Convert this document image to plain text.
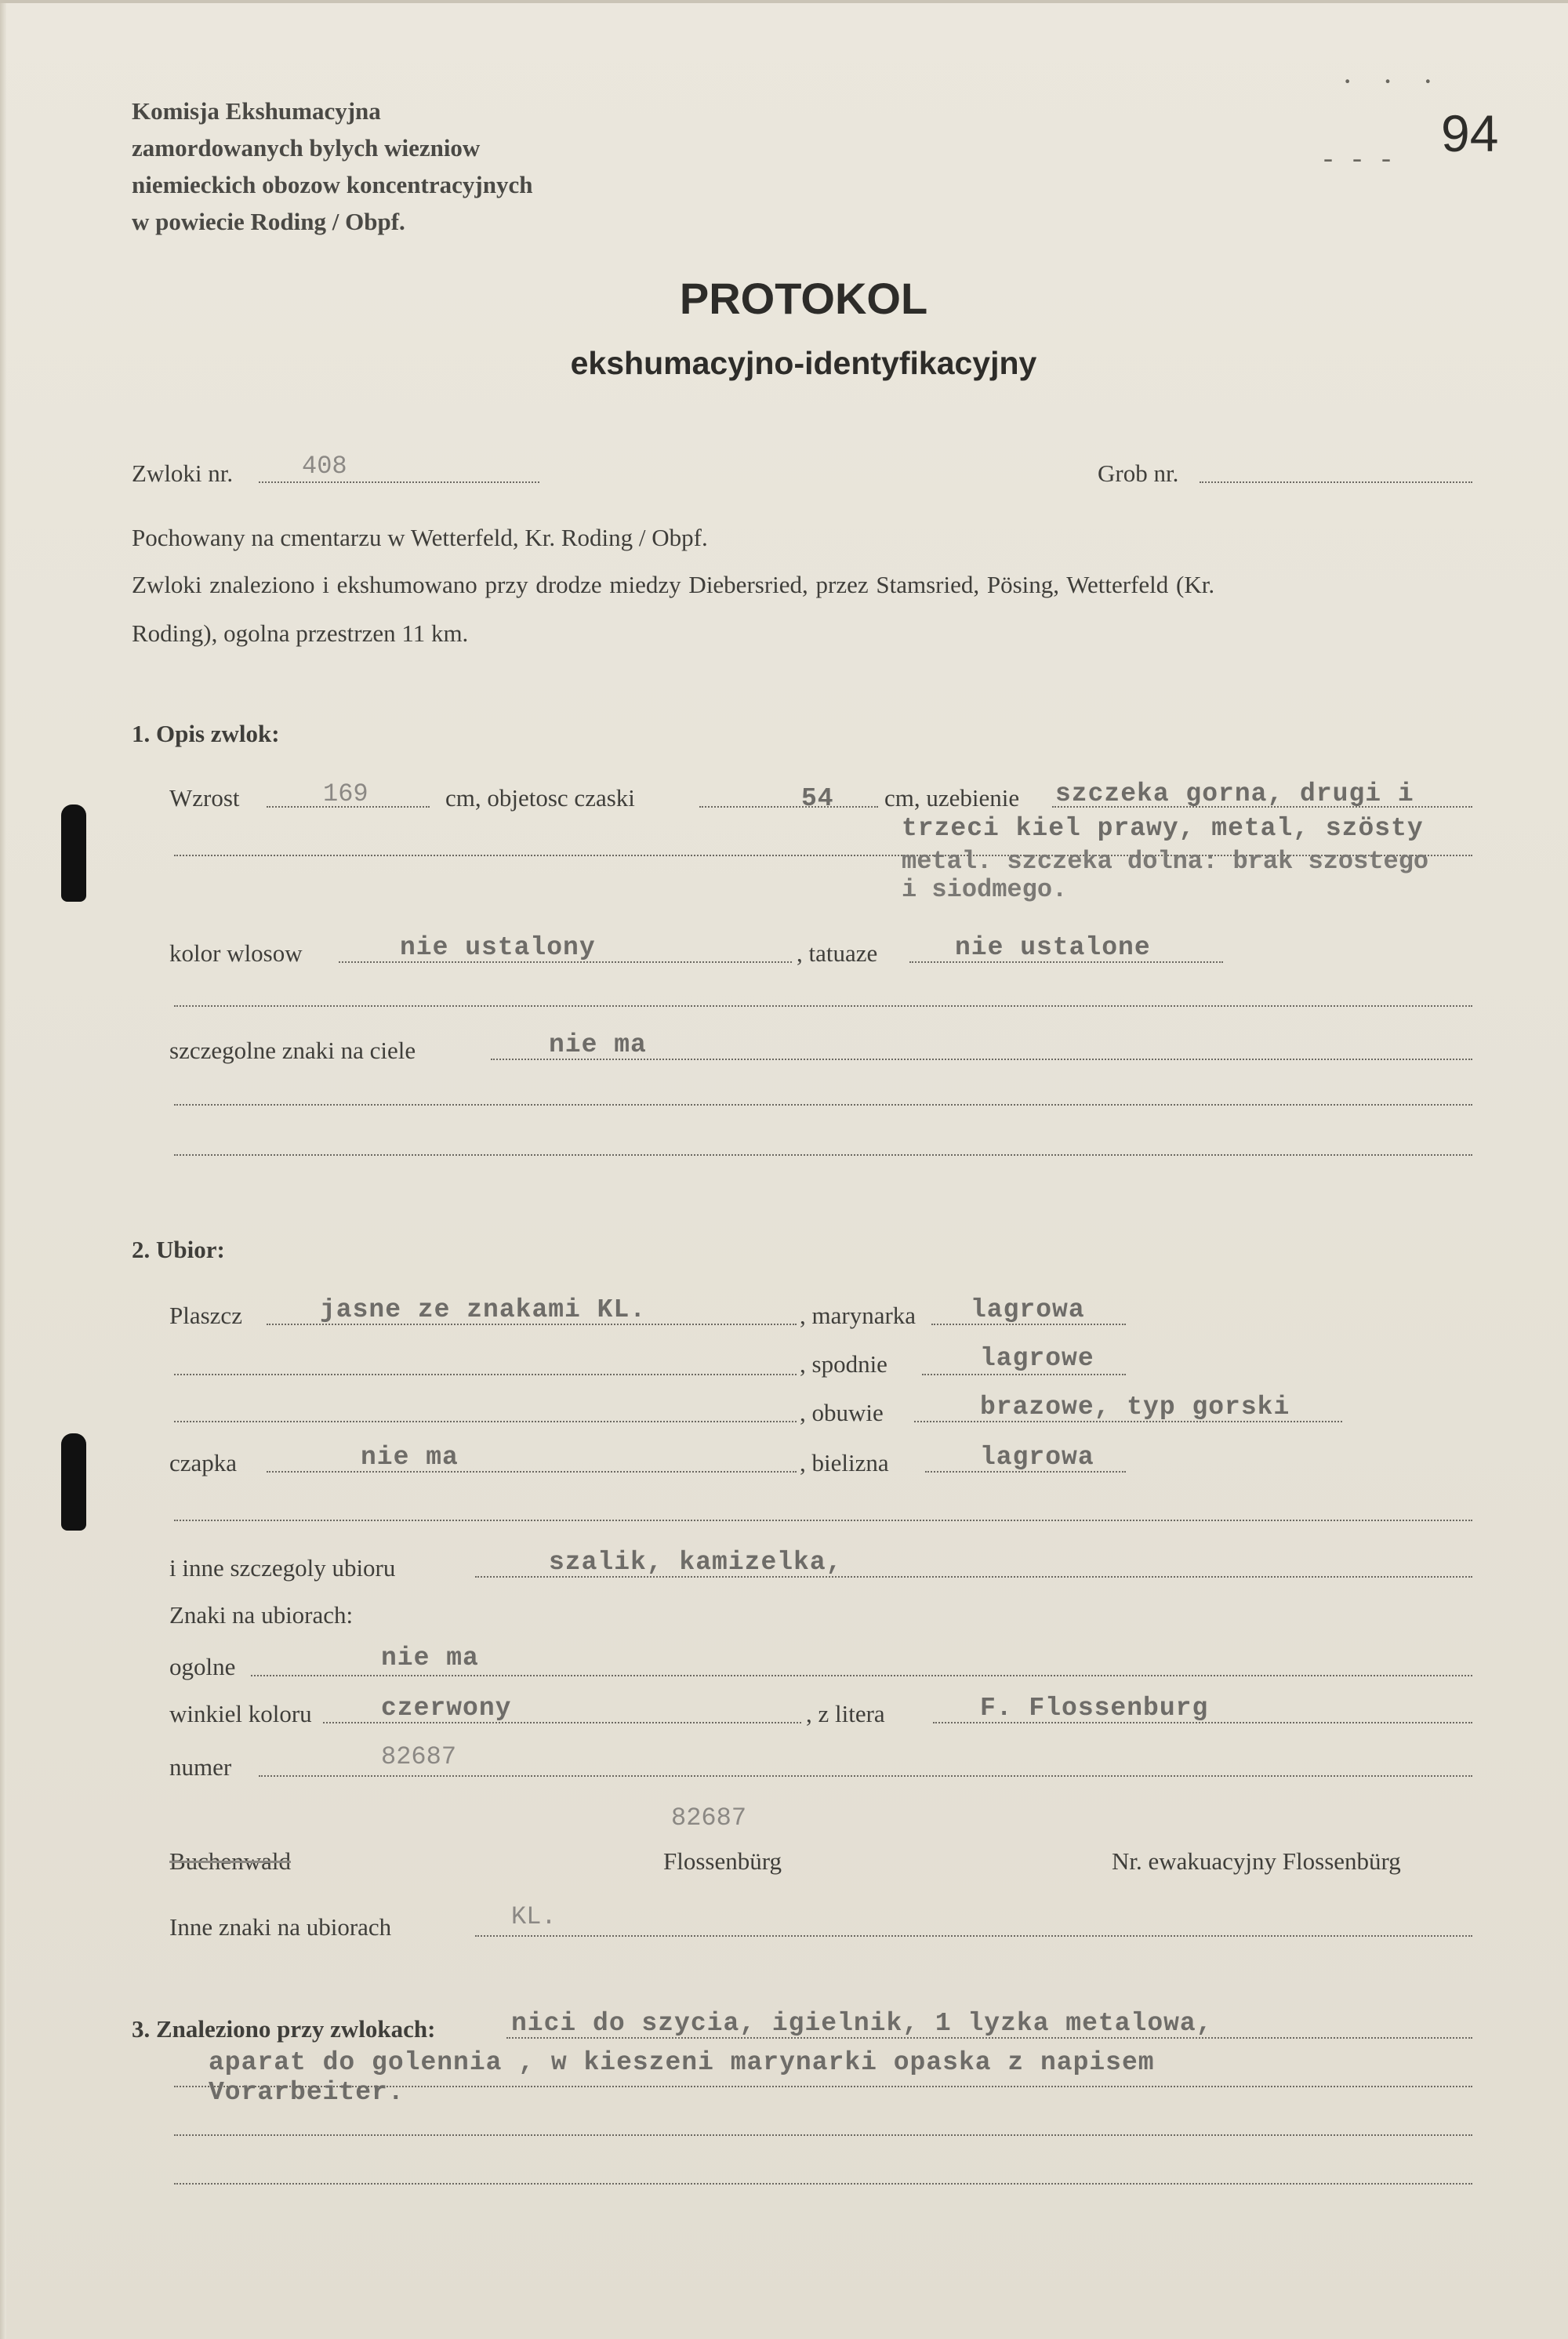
Komisja Ekshumacyjna
zamordowanych bylych wiezniow
niemieckich obozow koncentracyjnych
w powiecie Roding / Obpf.
· · ·
- - - 94
PROTOKOL
ekshumacyjno-identyfikacyjny
Zwloki nr.	408	Grob nr.
Pochowany na cmentarzu w Wetterfeld, Kr. Roding / Obpf.
Zwloki znaleziono i ekshumowano przy drodze miedzy Diebersried, przez Stamsried, Pösing, Wetterfeld (Kr.
Roding), ogolna przestrzen 11 km.
1. Opis zwlok:
Wzrost	169	cm, objetosc czaski	54 cm, uzebienie szczeka gorna, drugi i
trzeci kiel prawy, metal, szösty
metal. szczeka dolna: brak szostego
i siodmego.
kolor wlosow	nie ustalony	, tatuaze	nie ustalone
szczegolne znaki na ciele	nie ma
2. Ubior:
Plaszcz	jasne ze znakami KL.	, marynarka lagrowa
, spodnie	lagrowe
, obuwie	brazowe, typ gorski
czapka	nie ma	, bielizna	lagrowa
i inne szczegoly ubioru	szalik, kamizelka,
Znaki na ubiorach:
ogolne	nie ma
winkiel koloru	czerwony	, z litera	F. Flossenburg
numer	82687
82687
Buchenwald	Flossenbürg	Nr. ewakuacyjny Flossenbürg
Inne znaki na ubiorach	KL.
3. Znaleziono przy zwlokach:	nici do szycia, igielnik, 1 lyzka metalowa,
aparat do golennia , w kieszeni marynarki opaska z napisem
Vorarbeiter.
